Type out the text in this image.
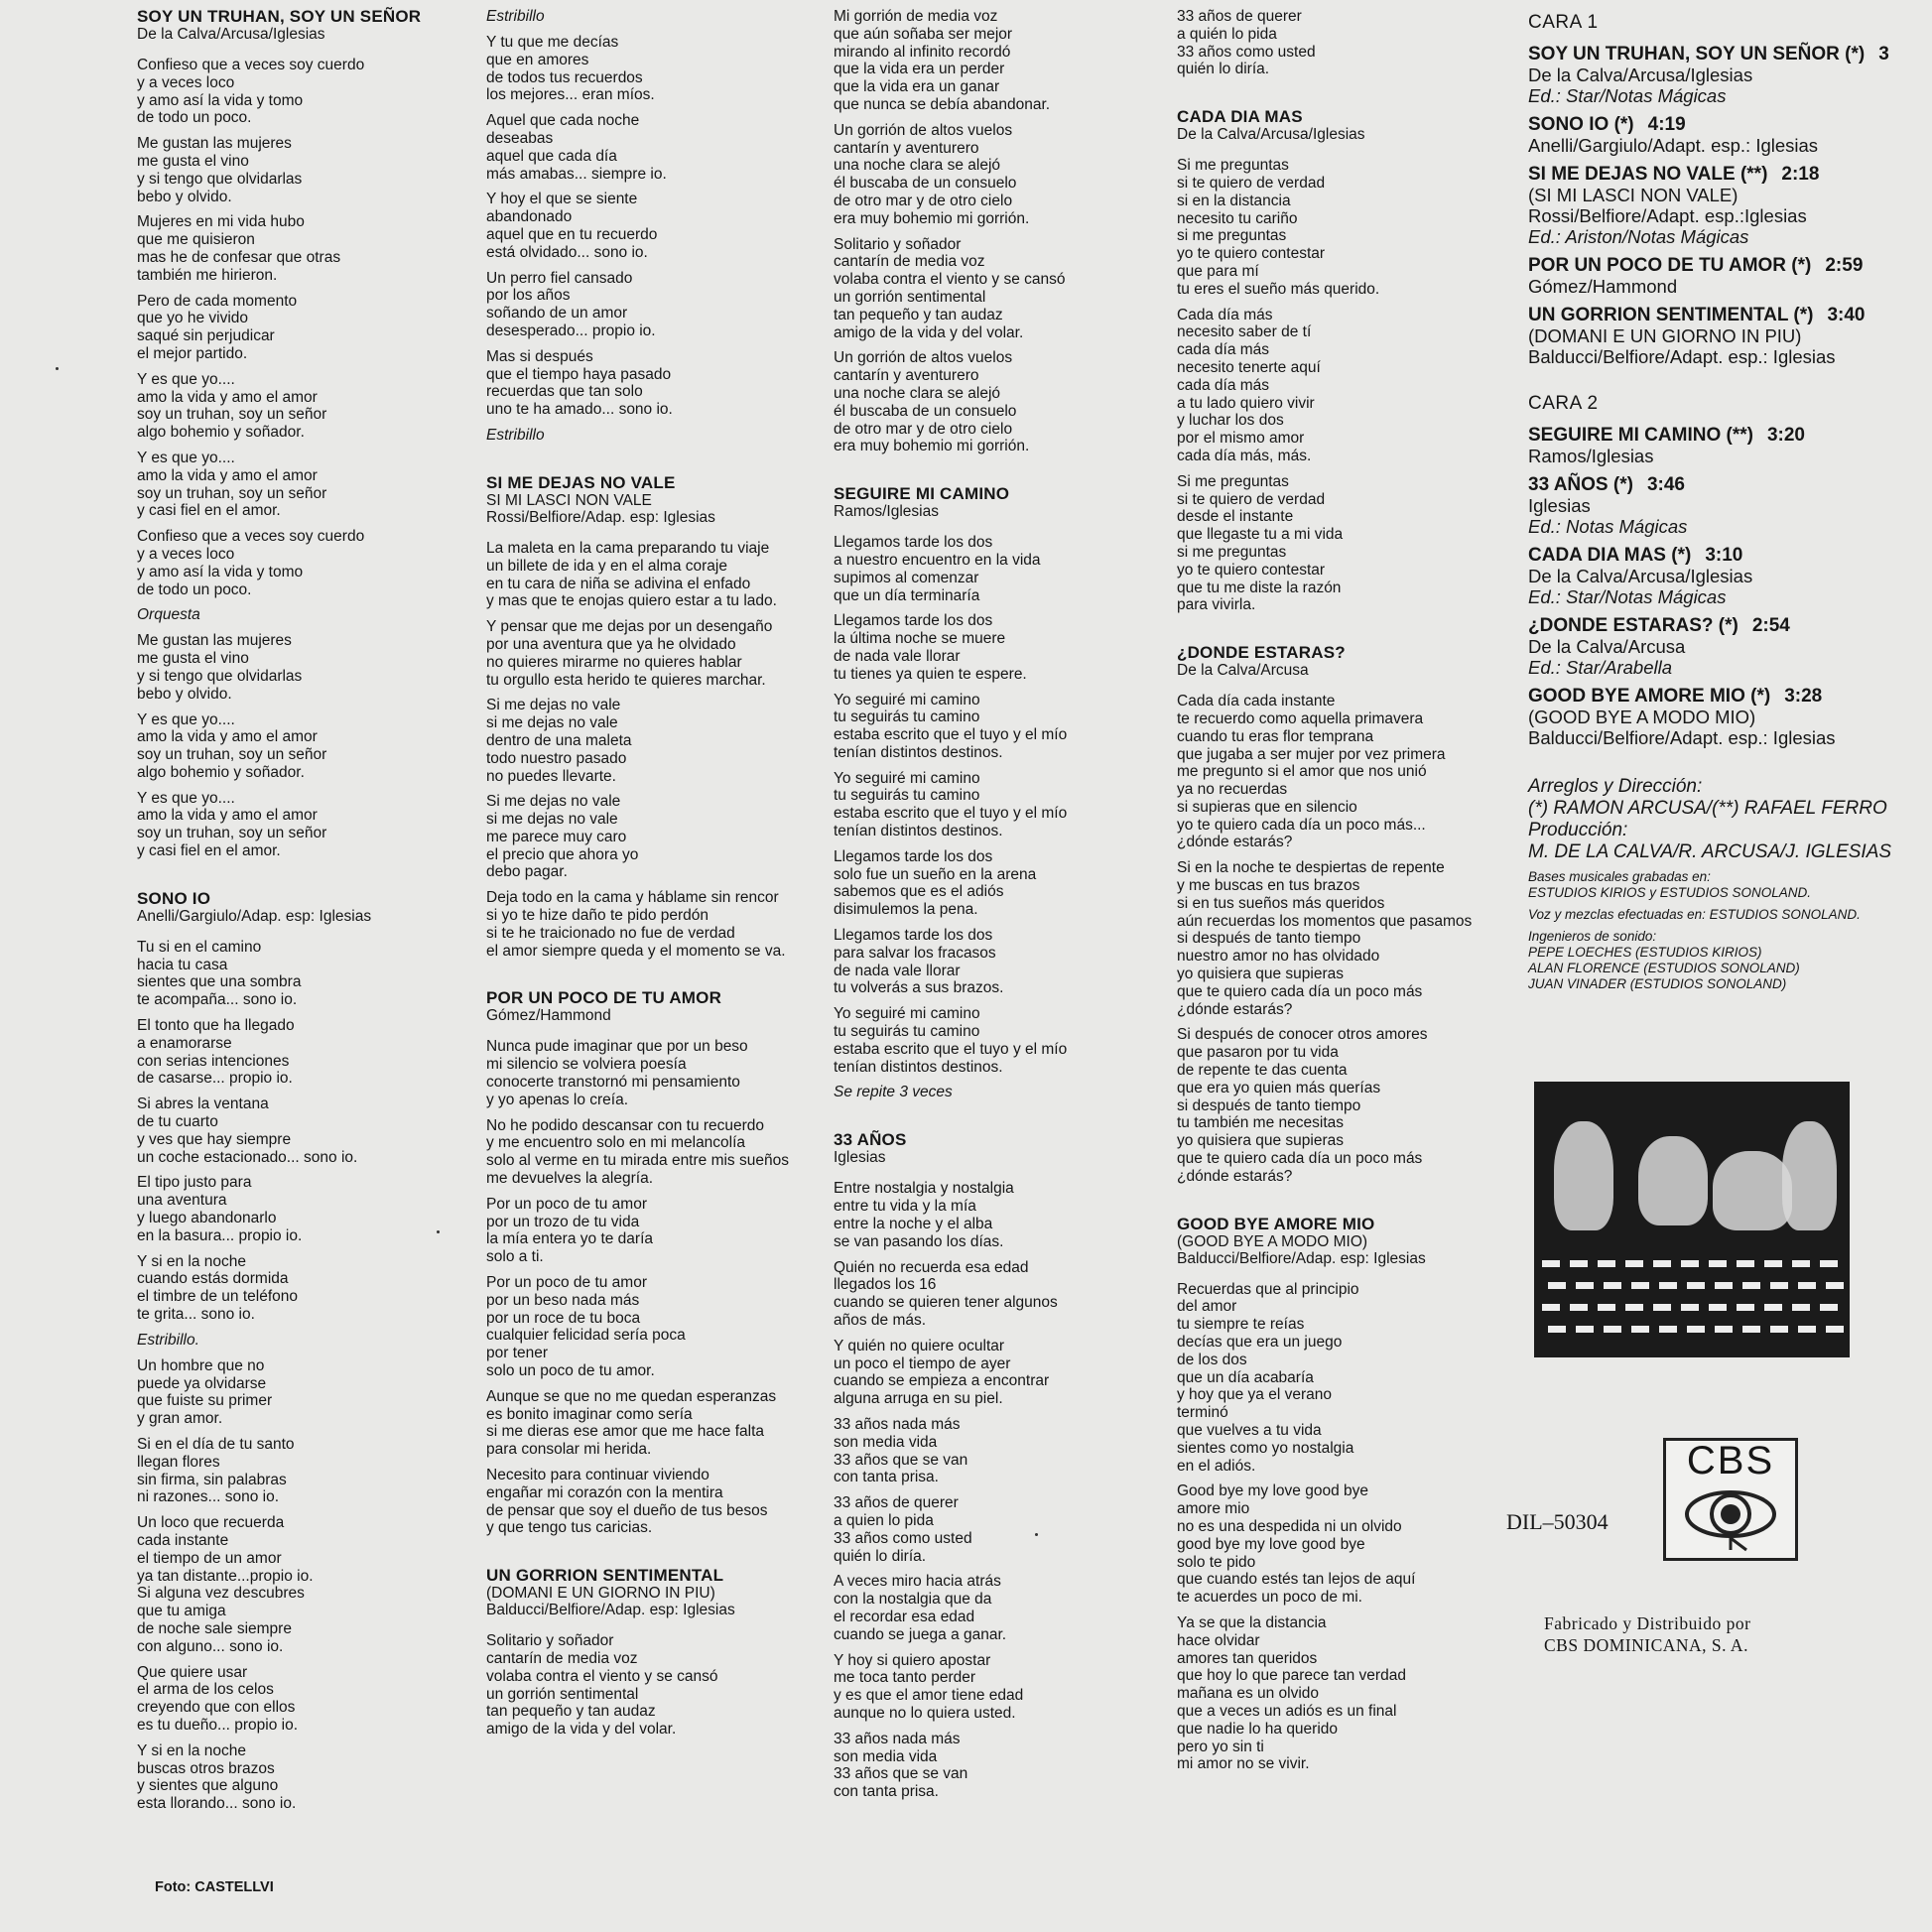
SOY UN TRUHAN, SOY UN SEÑOR
De la Calva/Arcusa/Iglesias
Confieso que a veces soy cuerdo
y a veces loco
y amo así la vida y tomo
de todo un poco.
Me gustan las mujeres
me gusta el vino
y si tengo que olvidarlas
bebo y olvido.
Mujeres en mi vida hubo
que me quisieron
mas he de confesar que otras
también me hirieron.
Pero de cada momento
que yo he vivido
saqué sin perjudicar
el mejor partido.
Y es que yo....
amo la vida y amo el amor
soy un truhan, soy un señor
algo bohemio y soñador.
Y es que yo....
amo la vida y amo el amor
soy un truhan, soy un señor
y casi fiel en el amor.
Confieso que a veces soy cuerdo
y a veces loco
y amo así la vida y tomo
de todo un poco.
Orquesta
Me gustan las mujeres
me gusta el vino
y si tengo que olvidarlas
bebo y olvido.
Y es que yo....
amo la vida y amo el amor
soy un truhan, soy un señor
algo bohemio y soñador.
Y es que yo....
amo la vida y amo el amor
soy un truhan, soy un señor
y casi fiel en el amor.
SONO IO
Anelli/Gargiulo/Adap. esp: Iglesias
Tu si en el camino
hacia tu casa
sientes que una sombra
te acompaña... sono io.
El tonto que ha llegado
a enamorarse
con serias intenciones
de casarse... propio io.
Si abres la ventana
de tu cuarto
y ves que hay siempre
un coche estacionado... sono io.
El tipo justo para
una aventura
y luego abandonarlo
en la basura... propio io.
Y si en la noche
cuando estás dormida
el timbre de un teléfono
te grita... sono io.
Estribillo.
Un hombre que no
puede ya olvidarse
que fuiste su primer
y gran amor.
Si en el día de tu santo
llegan flores
sin firma, sin palabras
ni razones... sono io.
Un loco que recuerda
cada instante
el tiempo de un amor
ya tan distante...propio io.
Si alguna vez descubres
que tu amiga
de noche sale siempre
con alguno... sono io.
Que quiere usar
el arma de los celos
creyendo que con ellos
es tu dueño... propio io.
Y si en la noche
buscas otros brazos
y sientes que alguno
esta llorando... sono io.
Estribillo
Y tu que me decías
que en amores
de todos tus recuerdos
los mejores... eran míos.
Aquel que cada noche
deseabas
aquel que cada día
más amabas... siempre io.
Y hoy el que se siente
abandonado
aquel que en tu recuerdo
está olvidado... sono io.
Un perro fiel cansado
por los años
soñando de un amor
desesperado... propio io.
Mas si después
que el tiempo haya pasado
recuerdas que tan solo
uno te ha amado... sono io.
Estribillo
SI ME DEJAS NO VALE
SI MI LASCI NON VALE
Rossi/Belfiore/Adap. esp: Iglesias
La maleta en la cama preparando tu viaje
un billete de ida y en el alma coraje
en tu cara de niña se adivina el enfado
y mas que te enojas quiero estar a tu lado.
Y pensar que me dejas por un desengaño
por una aventura que ya he olvidado
no quieres mirarme no quieres hablar
tu orgullo esta herido te quieres marchar.
Si me dejas no vale
si me dejas no vale
dentro de una maleta
todo nuestro pasado
no puedes llevarte.
Si me dejas no vale
si me dejas no vale
me parece muy caro
el precio que ahora yo
debo pagar.
Deja todo en la cama y háblame sin rencor
si yo te hize daño te pido perdón
si te he traicionado no fue de verdad
el amor siempre queda y el momento se va.
POR UN POCO DE TU AMOR
Gómez/Hammond
Nunca pude imaginar que por un beso
mi silencio se volviera poesía
conocerte transtornó mi pensamiento
y yo apenas lo creía.
No he podido descansar con tu recuerdo
y me encuentro solo en mi melancolía
solo al verme en tu mirada entre mis sueños
me devuelves la alegría.
Por un poco de tu amor
por un trozo de tu vida
la mía entera yo te daría
solo a ti.
Por un poco de tu amor
por un beso nada más
por un roce de tu boca
cualquier felicidad sería poca
por tener
solo un poco de tu amor.
Aunque se que no me quedan esperanzas
es bonito imaginar como sería
si me dieras ese amor que me hace falta
para consolar mi herida.
Necesito para continuar viviendo
engañar mi corazón con la mentira
de pensar que soy el dueño de tus besos
y que tengo tus caricias.
UN GORRION SENTIMENTAL
(DOMANI E UN GIORNO IN PIU)
Balducci/Belfiore/Adap. esp: Iglesias
Solitario y soñador
cantarín de media voz
volaba contra el viento y se cansó
un gorrión sentimental
tan pequeño y tan audaz
amigo de la vida y del volar.
Mi gorrión de media voz
que aún soñaba ser mejor
mirando al infinito recordó
que la vida era un perder
que la vida era un ganar
que nunca se debía abandonar.
Un gorrión de altos vuelos
cantarín y aventurero
una noche clara se alejó
él buscaba de un consuelo
de otro mar y de otro cielo
era muy bohemio mi gorrión.
Solitario y soñador
cantarín de media voz
volaba contra el viento y se cansó
un gorrión sentimental
tan pequeño y tan audaz
amigo de la vida y del volar.
Un gorrión de altos vuelos
cantarín y aventurero
una noche clara se alejó
él buscaba de un consuelo
de otro mar y de otro cielo
era muy bohemio mi gorrión.
SEGUIRE MI CAMINO
Ramos/Iglesias
Llegamos tarde los dos
a nuestro encuentro en la vida
supimos al comenzar
que un día terminaría
Llegamos tarde los dos
la última noche se muere
de nada vale llorar
tu tienes ya quien te espere.
Yo seguiré mi camino
tu seguirás tu camino
estaba escrito que el tuyo y el mío
tenían distintos destinos.
Yo seguiré mi camino
tu seguirás tu camino
estaba escrito que el tuyo y el mío
tenían distintos destinos.
Llegamos tarde los dos
solo fue un sueño en la arena
sabemos que es el adiós
disimulemos la pena.
Llegamos tarde los dos
para salvar los fracasos
de nada vale llorar
tu volverás a sus brazos.
Yo seguiré mi camino
tu seguirás tu camino
estaba escrito que el tuyo y el mío
tenían distintos destinos.
Se repite 3 veces
33 AÑOS
Iglesias
Entre nostalgia y nostalgia
entre tu vida y la mía
entre la noche y el alba
se van pasando los días.
Quién no recuerda esa edad
llegados los 16
cuando se quieren tener algunos
años de más.
Y quién no quiere ocultar
un poco el tiempo de ayer
cuando se empieza a encontrar
alguna arruga en su piel.
33 años nada más
son media vida
33 años que se van
con tanta prisa.
33 años de querer
a quien lo pida
33 años como usted
quién lo diría.
A veces miro hacia atrás
con la nostalgia que da
el recordar esa edad
cuando se juega a ganar.
Y hoy si quiero apostar
me toca tanto perder
y es que el amor tiene edad
aunque no lo quiera usted.
33 años nada más
son media vida
33 años que se van
con tanta prisa.
33 años de querer
a quién lo pida
33 años como usted
quién lo diría.
CADA DIA MAS
De la Calva/Arcusa/Iglesias
Si me preguntas
si te quiero de verdad
si en la distancia
necesito tu cariño
si me preguntas
yo te quiero contestar
que para mí
tu eres el sueño más querido.
Cada día más
necesito saber de tí
cada día más
necesito tenerte aquí
cada día más
a tu lado quiero vivir
y luchar los dos
por el mismo amor
cada día más, más.
Si me preguntas
si te quiero de verdad
desde el instante
que llegaste tu a mi vida
si me preguntas
yo te quiero contestar
que tu me diste la razón
para vivirla.
¿DONDE ESTARAS?
De la Calva/Arcusa
Cada día cada instante
te recuerdo como aquella primavera
cuando tu eras flor temprana
que jugaba a ser mujer por vez primera
me pregunto si el amor que nos unió
ya no recuerdas
si supieras que en silencio
yo te quiero cada día un poco más...
¿dónde estarás?
Si en la noche te despiertas de repente
y me buscas en tus brazos
si en tus sueños más queridos
aún recuerdas los momentos que pasamos
si después de tanto tiempo
nuestro amor no has olvidado
yo quisiera que supieras
que te quiero cada día un poco más
¿dónde estarás?
Si después de conocer otros amores
que pasaron por tu vida
de repente te das cuenta
que era yo quien más querías
si después de tanto tiempo
tu también me necesitas
yo quisiera que supieras
que te quiero cada día un poco más
¿dónde estarás?
GOOD BYE AMORE MIO
(GOOD BYE A MODO MIO)
Balducci/Belfiore/Adap. esp: Iglesias
Recuerdas que al principio
del amor
tu siempre te reías
decías que era un juego
de los dos
que un día acabaría
y hoy que ya el verano
terminó
que vuelves a tu vida
sientes como yo nostalgia
en el adiós.
Good bye my love good bye
amore mio
no es una despedida ni un olvido
good bye my love good bye
solo te pido
que cuando estés tan lejos de aquí
te acuerdes un poco de mi.
Ya se que la distancia
hace olvidar
amores tan queridos
que hoy lo que parece tan verdad
mañana es un olvido
que a veces un adiós es un final
que nadie lo ha querido
pero yo sin ti
mi amor no se vivir.
CARA 1
SOY UN TRUHAN, SOY UN SEÑOR (*) 3
De la Calva/Arcusa/Iglesias
Ed.: Star/Notas Mágicas
SONO IO (*) 4:19
Anelli/Gargiulo/Adapt. esp.: Iglesias
SI ME DEJAS NO VALE (**) 2:18
(SI MI LASCI NON VALE)
Rossi/Belfiore/Adapt. esp.:Iglesias
Ed.: Ariston/Notas Mágicas
POR UN POCO DE TU AMOR (*) 2:59
Gómez/Hammond
UN GORRION SENTIMENTAL (*) 3:40
(DOMANI E UN GIORNO IN PIU)
Balducci/Belfiore/Adapt. esp.: Iglesias
CARA 2
SEGUIRE MI CAMINO (**) 3:20
Ramos/Iglesias
33 AÑOS (*) 3:46
Iglesias
Ed.: Notas Mágicas
CADA DIA MAS (*) 3:10
De la Calva/Arcusa/Iglesias
Ed.: Star/Notas Mágicas
¿DONDE ESTARAS? (*) 2:54
De la Calva/Arcusa
Ed.: Star/Arabella
GOOD BYE AMORE MIO (*) 3:28
(GOOD BYE A MODO MIO)
Balducci/Belfiore/Adapt. esp.: Iglesias
Arreglos y Dirección:
(*) RAMON ARCUSA/(**) RAFAEL FERRO
Producción:
M. DE LA CALVA/R. ARCUSA/J. IGLESIAS
Bases musicales grabadas en:
ESTUDIOS KIRIOS y ESTUDIOS SONOLAND.
Voz y mezclas efectuadas en: ESTUDIOS SONOLAND.
Ingenieros de sonido:
PEPE LOECHES (ESTUDIOS KIRIOS)
ALAN FLORENCE (ESTUDIOS SONOLAND)
JUAN VINADER (ESTUDIOS SONOLAND)
CBS
DIL–50304
Fabricado y Distribuido por
CBS DOMINICANA, S. A.
Foto: CASTELLVI
